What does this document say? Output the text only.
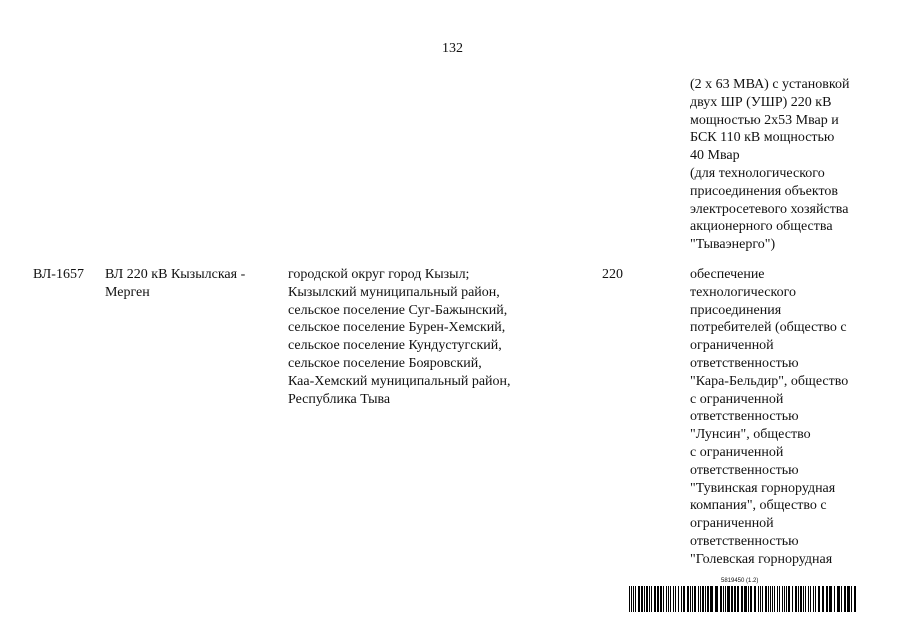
132
(2 x 63 МВА) с установкой
двух ШР (УШР) 220 кВ
мощностью 2х53 Мвар и
БСК 110 кВ мощностью
40 Мвар
(для технологического
присоединения объектов
электросетевого хозяйства
акционерного общества
"Тываэнерго")
ВЛ-1657	ВЛ 220 кВ Кызылская -
Мерген
городской округ город Кызыл;
Кызылский муниципальный район,
сельское поселение Суг-Бажынский,
сельское поселение Бурен-Хемский,
сельское поселение Кундустугский,
сельское поселение Бояровский,
Каа-Хемский муниципальный район,
Республика Тыва
220	обеспечение
технологического
присоединения
потребителей (общество с
ограниченной
ответственностью
"Кара-Бельдир", общество
с ограниченной
ответственностью
"Лунсин", общество
с ограниченной
ответственностью
"Тувинская горнорудная
компания", общество с
ограниченной
ответственностью
"Голевская горнорудная
5819450 (1.2)
